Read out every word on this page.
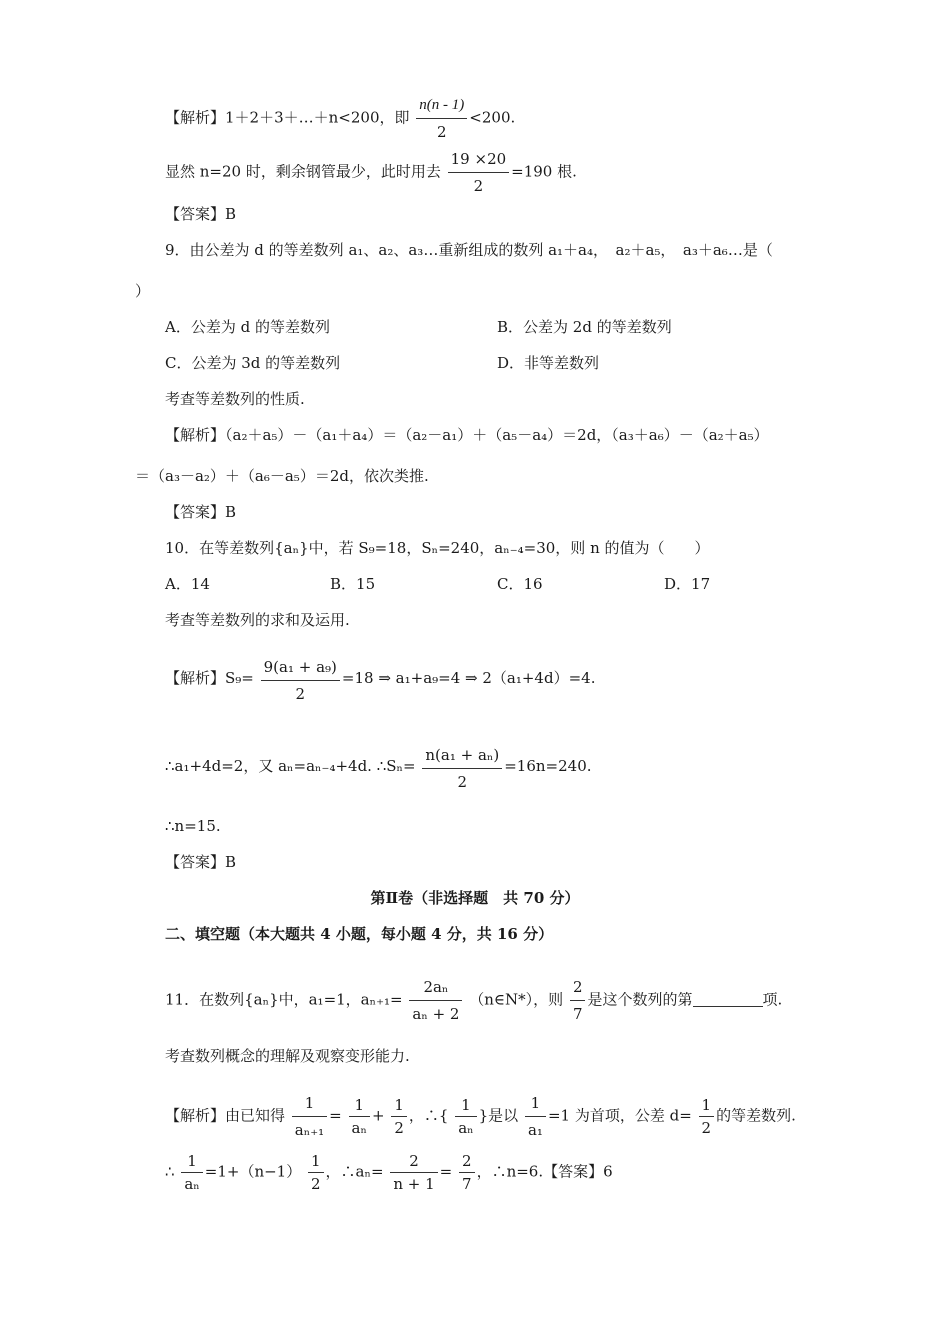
【解析】1＋2＋3＋…＋n<200，即 $\frac{n(n - 1)}{2} <200$.
显然 n=20 时，剩余钢管最少，此时用去 $\frac{19 \times 20}{2} =190$ 根.
【答案】B
9．由公差为 d 的等差数列 a₁、a₂、a₃…重新组成的数列 a₁＋a₄，　a₂＋a₅，　a₃＋a₆…是（
）
A．公差为 d 的等差数列	B．公差为 2d 的等差数列
C．公差为 3d 的等差数列	D．非等差数列
考查等差数列的性质.
【解析】（a₂＋a₅）－（a₁＋a₄）＝（a₂－a₁）＋（a₅－a₄）＝2d，（a₃＋a₆）－（a₂＋a₅）
＝（a₃－a₂）＋（a₆－a₅）＝2d，依次类推.
【答案】B
10．在等差数列{aₙ}中，若 S₉=18，Sₙ=240，aₙ₋₄=30，则 n 的值为（　　）
A．14	B．15	C．16	D．17
考查等差数列的求和及运用.
【解析】$S_9= \frac{\text{9(a₁ + a₉)}}{2} =18$ ⇒ a₁+a₉=4 ⇒ 2（a₁+4d）=4.
∴a₁+4d=2，又 aₙ=aₙ₋₄+4d. ∴Sₙ= $\frac{\text{n(a₁ + aₙ)}}{2} =16n=240$.
∴n=15.
【答案】B
第Ⅱ卷（非选择题　共 70 分）
二、填空题（本大题共 4 小题，每小题 4 分，共 16 分）
11．在数列{aₙ}中，a₁=1，$a_{n+1}= \frac{\text{2aₙ}}{\text{aₙ + 2}}$ （n∈N*），则 $\frac{2}{7}$ 是这个数列的第	项.
考查数列概念的理解及观察变形能力.
【解析】由已知得 $\frac{1}{\text{aₙ₊₁}} = \frac{1}{\text{aₙ}} + \frac{1}{2}$ ，∴{ $\frac{1}{\text{aₙ}}$ }是以 $\frac{1}{\text{a₁}} =1$ 为首项，公差 $d= \frac{1}{2}$ 的等差数列.
∴ $\frac{1}{\text{aₙ}} =1+(n-1) \frac{1}{2}$ ，∴aₙ= $\frac{2}{n + 1} = \frac{2}{7}$ ，∴n=6.【答案】6
